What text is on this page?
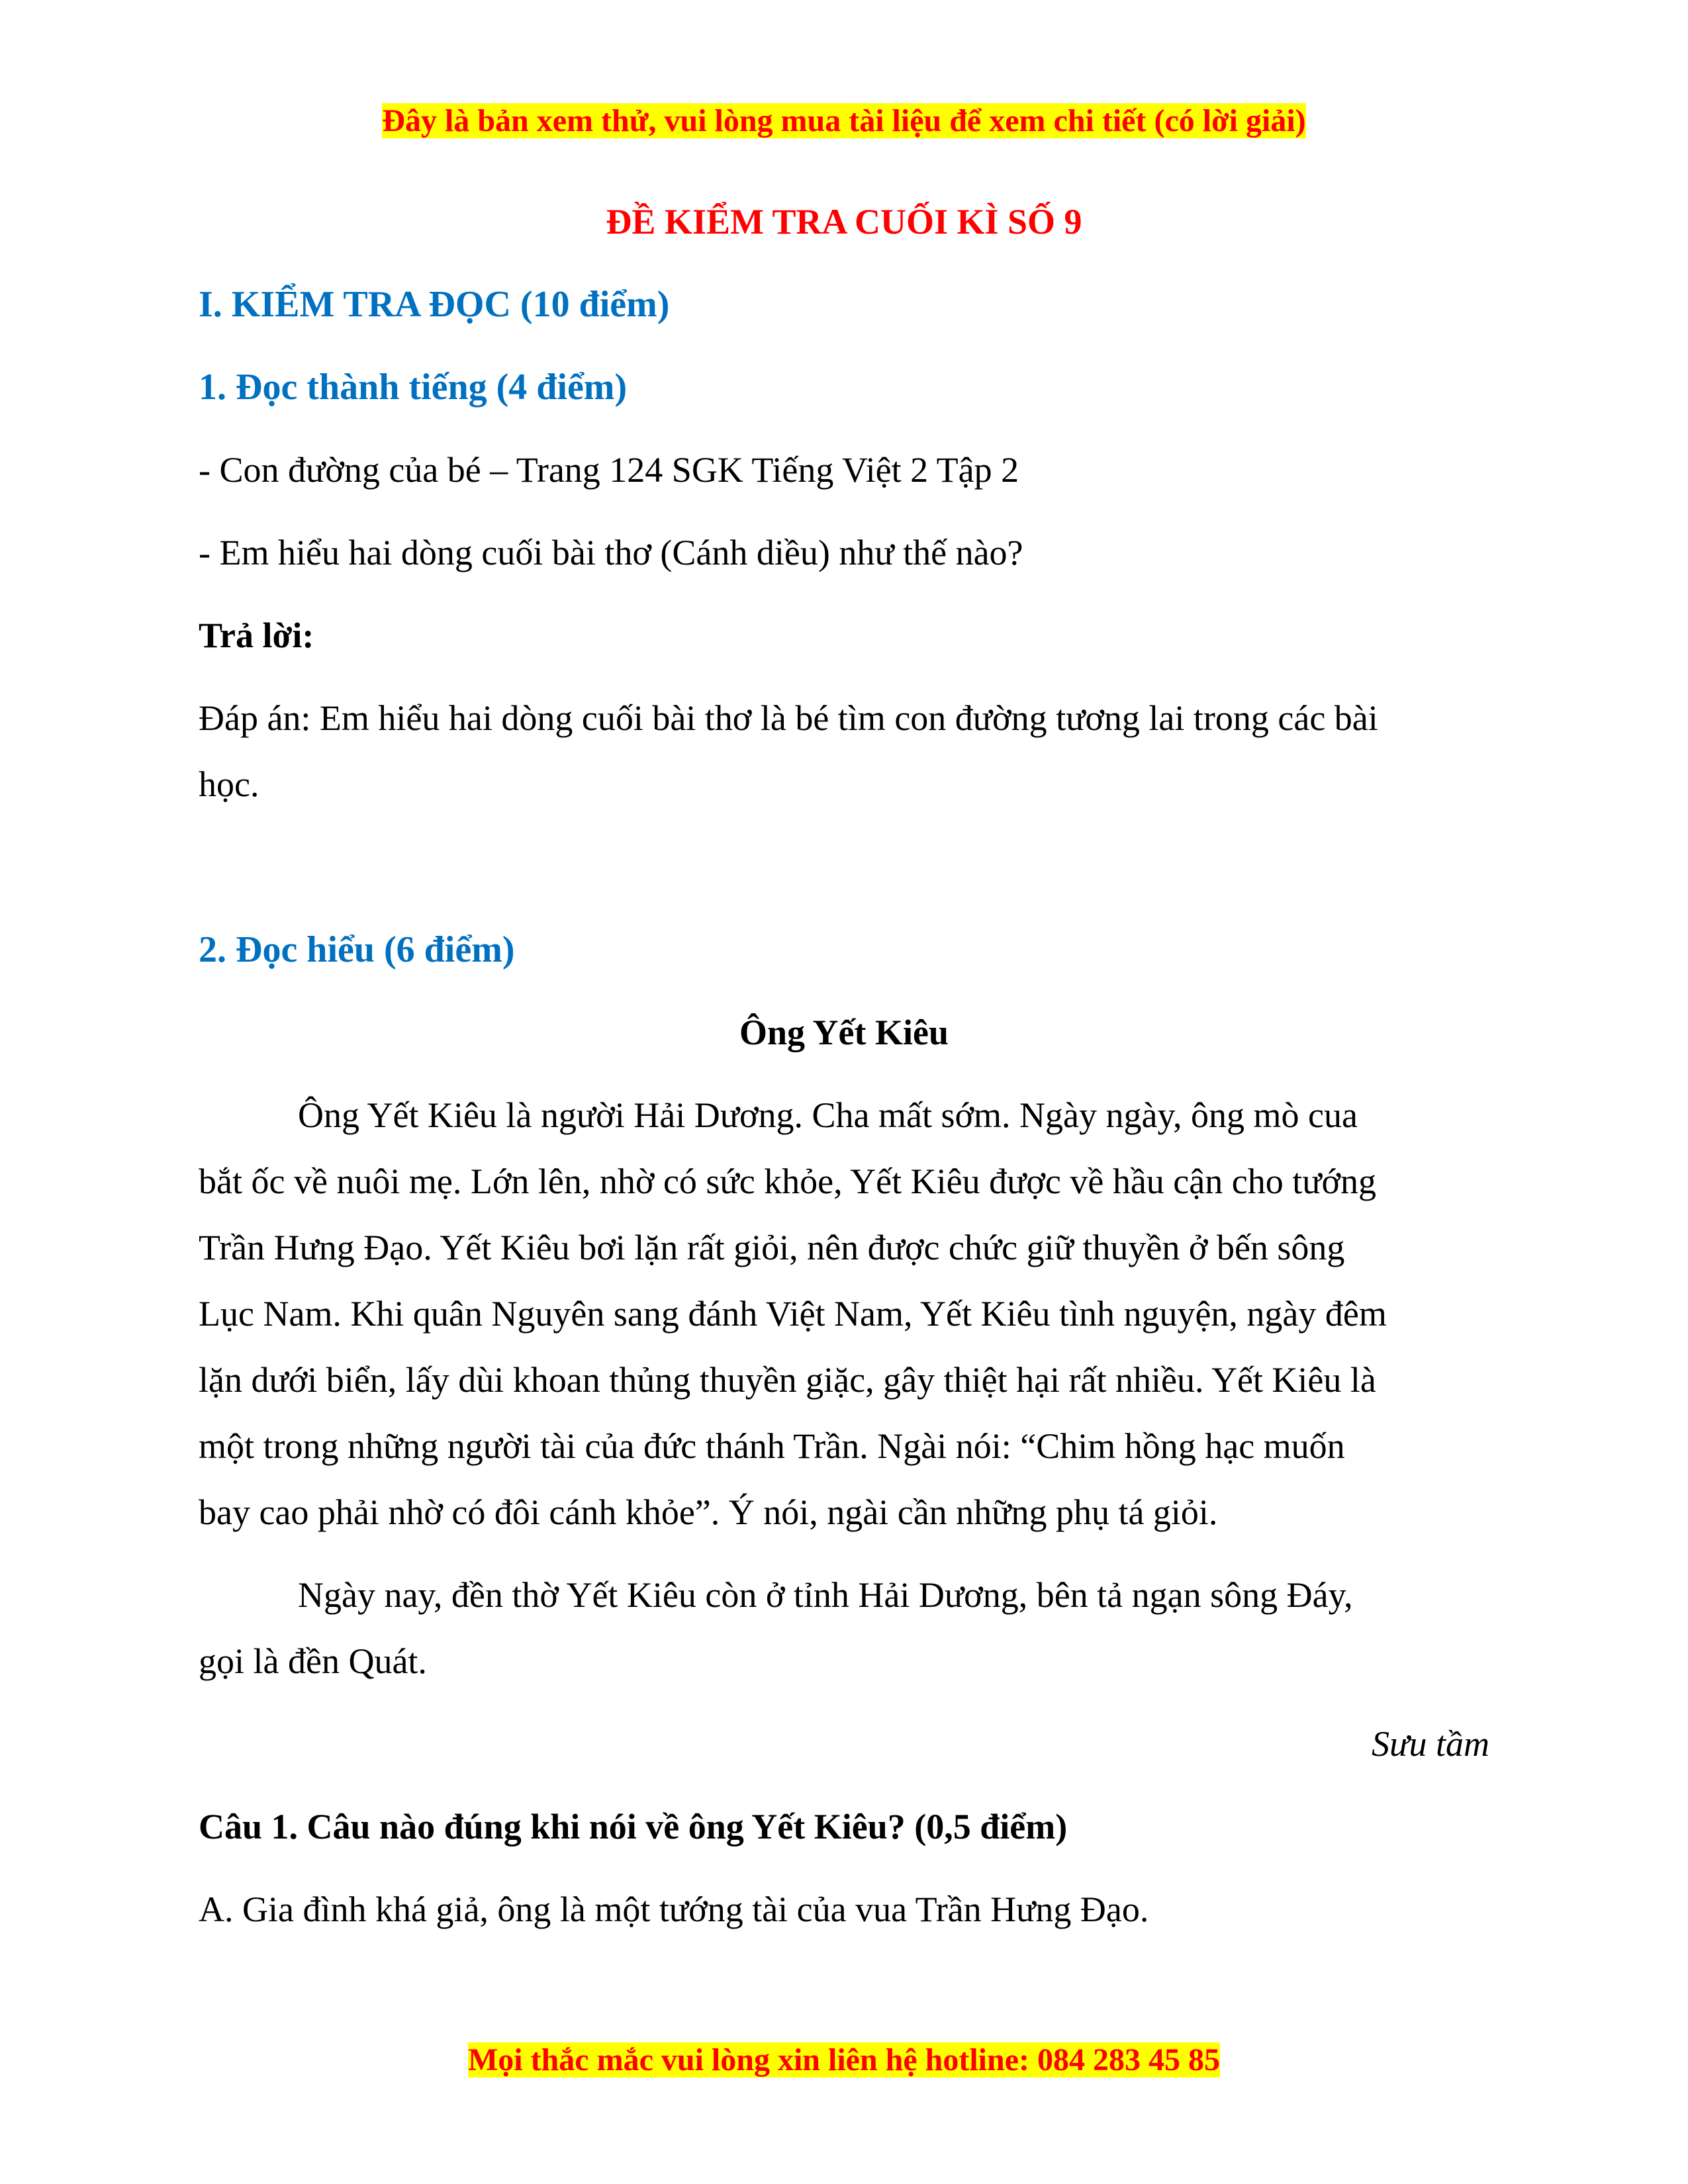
Đây là bản xem thử, vui lòng mua tài liệu để xem chi tiết (có lời giải)
ĐỀ KIỂM TRA CUỐI KÌ SỐ 9
I. KIỂM TRA ĐỌC (10 điểm)
1. Đọc thành tiếng (4 điểm)
- Con đường của bé – Trang 124 SGK Tiếng Việt 2 Tập 2
- Em hiểu hai dòng cuối bài thơ (Cánh diều) như thế nào?
Trả lời:
Đáp án: Em hiểu hai dòng cuối bài thơ là bé tìm con đường tương lai trong các bài
học.
2. Đọc hiểu (6 điểm)
Ông Yết Kiêu
Ông Yết Kiêu là người Hải Dương. Cha mất sớm. Ngày ngày, ông mò cua
bắt ốc về nuôi mẹ. Lớn lên, nhờ có sức khỏe, Yết Kiêu được về hầu cận cho tướng
Trần Hưng Đạo. Yết Kiêu bơi lặn rất giỏi, nên được chức giữ thuyền ở bến sông
Lục Nam. Khi quân Nguyên sang đánh Việt Nam, Yết Kiêu tình nguyện, ngày đêm
lặn dưới biển, lấy dùi khoan thủng thuyền giặc, gây thiệt hại rất nhiều. Yết Kiêu là
một trong những người tài của đức thánh Trần. Ngài nói: “Chim hồng hạc muốn
bay cao phải nhờ có đôi cánh khỏe”. Ý nói, ngài cần những phụ tá giỏi.
Ngày nay, đền thờ Yết Kiêu còn ở tỉnh Hải Dương, bên tả ngạn sông Đáy,
gọi là đền Quát.
Sưu tầm
Câu 1. Câu nào đúng khi nói về ông Yết Kiêu? (0,5 điểm)
A. Gia đình khá giả, ông là một tướng tài của vua Trần Hưng Đạo.
Mọi thắc mắc vui lòng xin liên hệ hotline: 084 283 45 85
